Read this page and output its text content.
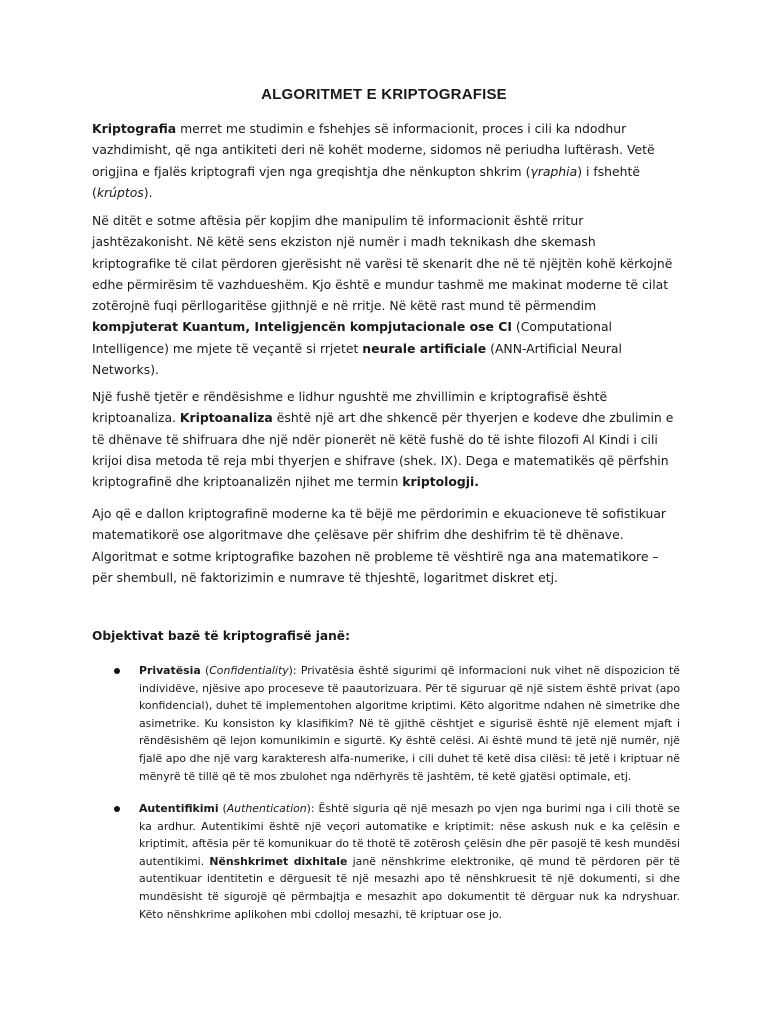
ALGORITMET E KRIPTOGRAFISE

Kriptografia merret me studimin e fshehjes së informacionit, proces i cili ka ndodhur vazhdimisht, që nga antikiteti deri në kohët moderne, sidomos në periudha luftërash. Vetë origjina e fjalës kriptografi vjen nga greqishtja dhe nënkupton shkrim (γraphia) i fshehtë (krúptos).

Në ditët e sotme aftësia për kopjim dhe manipulim të informacionit është rritur jashtëzakonisht. Në këtë sens ekziston një numër i madh teknikash dhe skemash kriptografike të cilat përdoren gjerësisht në varësi të skenarit dhe në të njëjtën kohë kërkojnë edhe përmirësim të vazhdueshëm. Kjo është e mundur tashmë me makinat moderne të cilat zotërojnë fuqi përllogaritëse gjithnjë e në rritje. Në këtë rast mund të përmendim kompjuterat Kuantum, Inteligjencën kompjutacionale ose CI (Computational Intelligence) me mjete të veçantë si rrjetet neurale artificiale (ANN-Artificial Neural Networks).

Një fushë tjetër e rëndësishme e lidhur ngushtë me zhvillimin e kriptografisë është kriptoanaliza. Kriptoanaliza është një art dhe shkencë për thyerjen e kodeve dhe zbulimin e të dhënave të shifruara dhe një ndër pionerët në këtë fushë do të ishte filozofi Al Kindi i cili krijoi disa metoda të reja mbi thyerjen e shifrave (shek. IX). Dega e matematikës që përfshin kriptografinë dhe kriptoanalizën njihet me termin kriptologji.

Ajo që e dallon kriptografinë moderne ka të bëjë me përdorimin e ekuacioneve të sofistikuar matematikorë ose algoritmave dhe çelësave për shifrim dhe deshifrim të të dhënave. Algoritmat e sotme kriptografike bazohen në probleme të vështirë nga ana matematikore – për shembull, në faktorizimin e numrave të thjeshtë, logaritmet diskret etj.

Objektivat bazë të kriptografisë janë:

Privatësia (Confidentiality): Privatësia është sigurimi që informacioni nuk vihet në dispozicion të individëve, njësive apo proceseve të paautorizuara. Për të siguruar që një sistem është privat (apo konfidencial), duhet të implementohen algoritme kriptimi. Këto algoritme ndahen në simetrike dhe asimetrike. Ku konsiston ky klasifikim? Në të gjithë cështjet e sigurisë është një element mjaft i rëndësishëm që lejon komunikimin e sigurtë. Ky është celësi. Ai është mund të jetë një numër, një fjalë apo dhe një varg karakteresh alfa-numerike, i cili duhet të ketë disa cilësi: të jetë i kriptuar në mënyrë të tillë që të mos zbulohet nga ndërhyrës të jashtëm, të ketë gjatësi optimale, etj.
Autentifikimi (Authentication): Është siguria që një mesazh po vjen nga burimi nga i cili thotë se ka ardhur. Autentikimi është një veçori automatike e kriptimit: nëse askush nuk e ka çelësin e kriptimit, aftësia për të komunikuar do të thotë të zotërosh çelësin dhe për pasojë të kesh mundësi autentikimi. Nënshkrimet dixhitale janë nënshkrime elektronike, që mund të përdoren për të autentikuar identitetin e dërguesit të një mesazhi apo të nënshkruesit të një dokumenti, si dhe mundësisht të sigurojë që përmbajtja e mesazhit apo dokumentit të dërguar nuk ka ndryshuar. Këto nënshkrime aplikohen mbi cdolloj mesazhi, të kriptuar ose jo.
